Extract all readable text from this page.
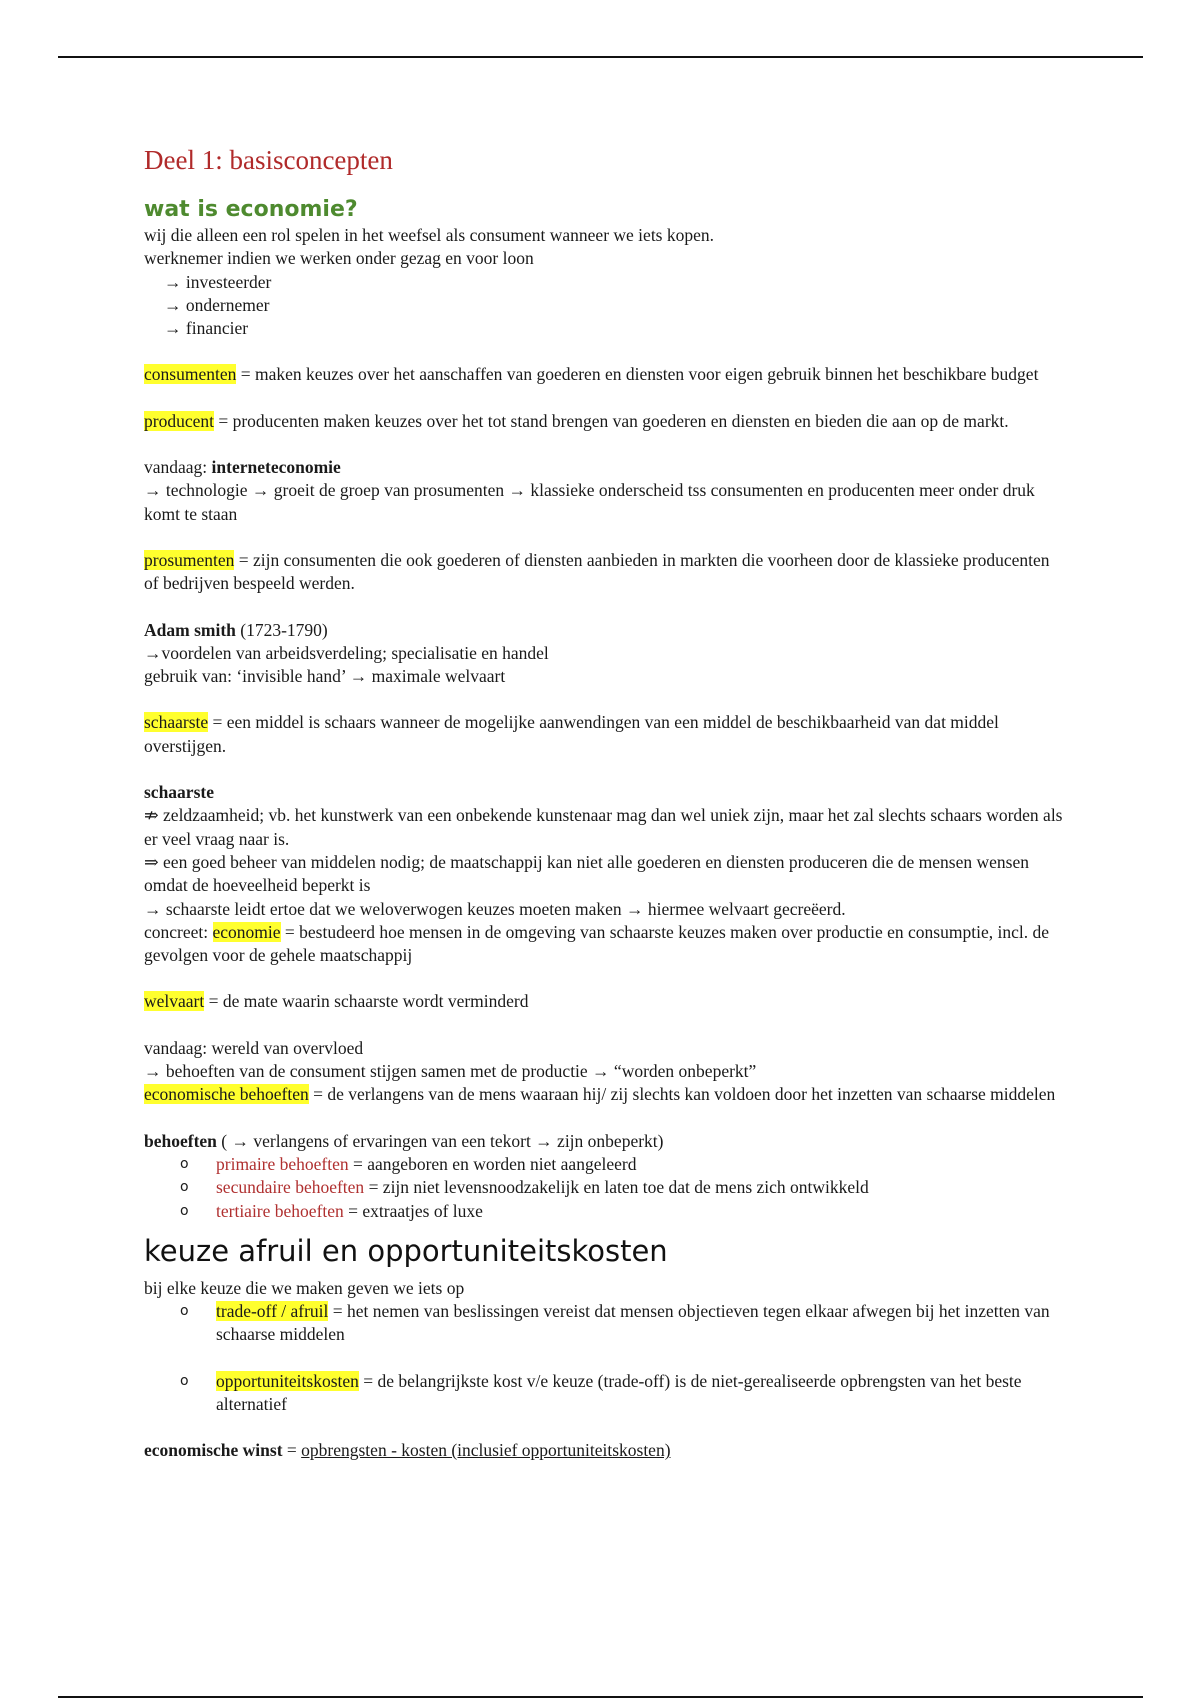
Deel 1: basisconcepten
wat is economie?

wij die alleen een rol spelen in het weefsel als consument wanneer we iets kopen.

werknemer indien we werken onder gezag en voor loon

→ investeerder

→ ondernemer

→ financier

consumenten = maken keuzes over het aanschaffen van goederen en diensten voor eigen gebruik binnen het beschikbare budget

producent = producenten maken keuzes over het tot stand brengen van goederen en diensten en bieden die aan op de markt.

vandaag: interneteconomie

→ technologie → groeit de groep van prosumenten → klassieke onderscheid tss consumenten en producenten meer onder druk komt te staan

prosumenten = zijn consumenten die ook goederen of diensten aanbieden in markten die voorheen door de klassieke producenten of bedrijven bespeeld werden.

Adam smith (1723-1790)

→voordelen van arbeidsverdeling; specialisatie en handel

gebruik van: ‘invisible hand’ → maximale welvaart

schaarste = een middel is schaars wanneer de mogelijke aanwendingen van een middel de beschikbaarheid van dat middel overstijgen.

schaarste

⇏ zeldzaamheid; vb. het kunstwerk van een onbekende kunstenaar mag dan wel uniek zijn, maar het zal slechts schaars worden als er veel vraag naar is.

⇒ een goed beheer van middelen nodig; de maatschappij kan niet alle goederen en diensten produceren die de mensen wensen omdat de hoeveelheid beperkt is

→ schaarste leidt ertoe dat we weloverwogen keuzes moeten maken → hiermee welvaart gecreëerd.

concreet: economie = bestudeerd hoe mensen in de omgeving van schaarste keuzes maken over productie en consumptie, incl. de gevolgen voor de gehele maatschappij

welvaart = de mate waarin schaarste wordt verminderd

vandaag: wereld van overvloed

→ behoeften van de consument stijgen samen met de productie → “worden onbeperkt”

economische behoeften = de verlangens van de mens waaraan hij/ zij slechts kan voldoen door het inzetten van schaarse middelen

behoeften ( → verlangens of ervaringen van een tekort → zijn onbeperkt)

o	primaire behoeften = aangeboren en worden niet aangeleerd
o	secundaire behoeften = zijn niet levensnoodzakelijk en laten toe dat de mens zich ontwikkeld
o	tertiaire behoeften = extraatjes of luxe
keuze afruil en opportuniteitskosten

bij elke keuze die we maken geven we iets op

o	trade-off / afruil = het nemen van beslissingen vereist dat mensen objectieven tegen elkaar afwegen bij het inzetten van schaarse middelen
o	opportuniteitskosten = de belangrijkste kost v/e keuze (trade-off) is de niet-gerealiseerde opbrengsten van het beste alternatief

economische winst = opbrengsten - kosten (inclusief opportuniteitskosten)
